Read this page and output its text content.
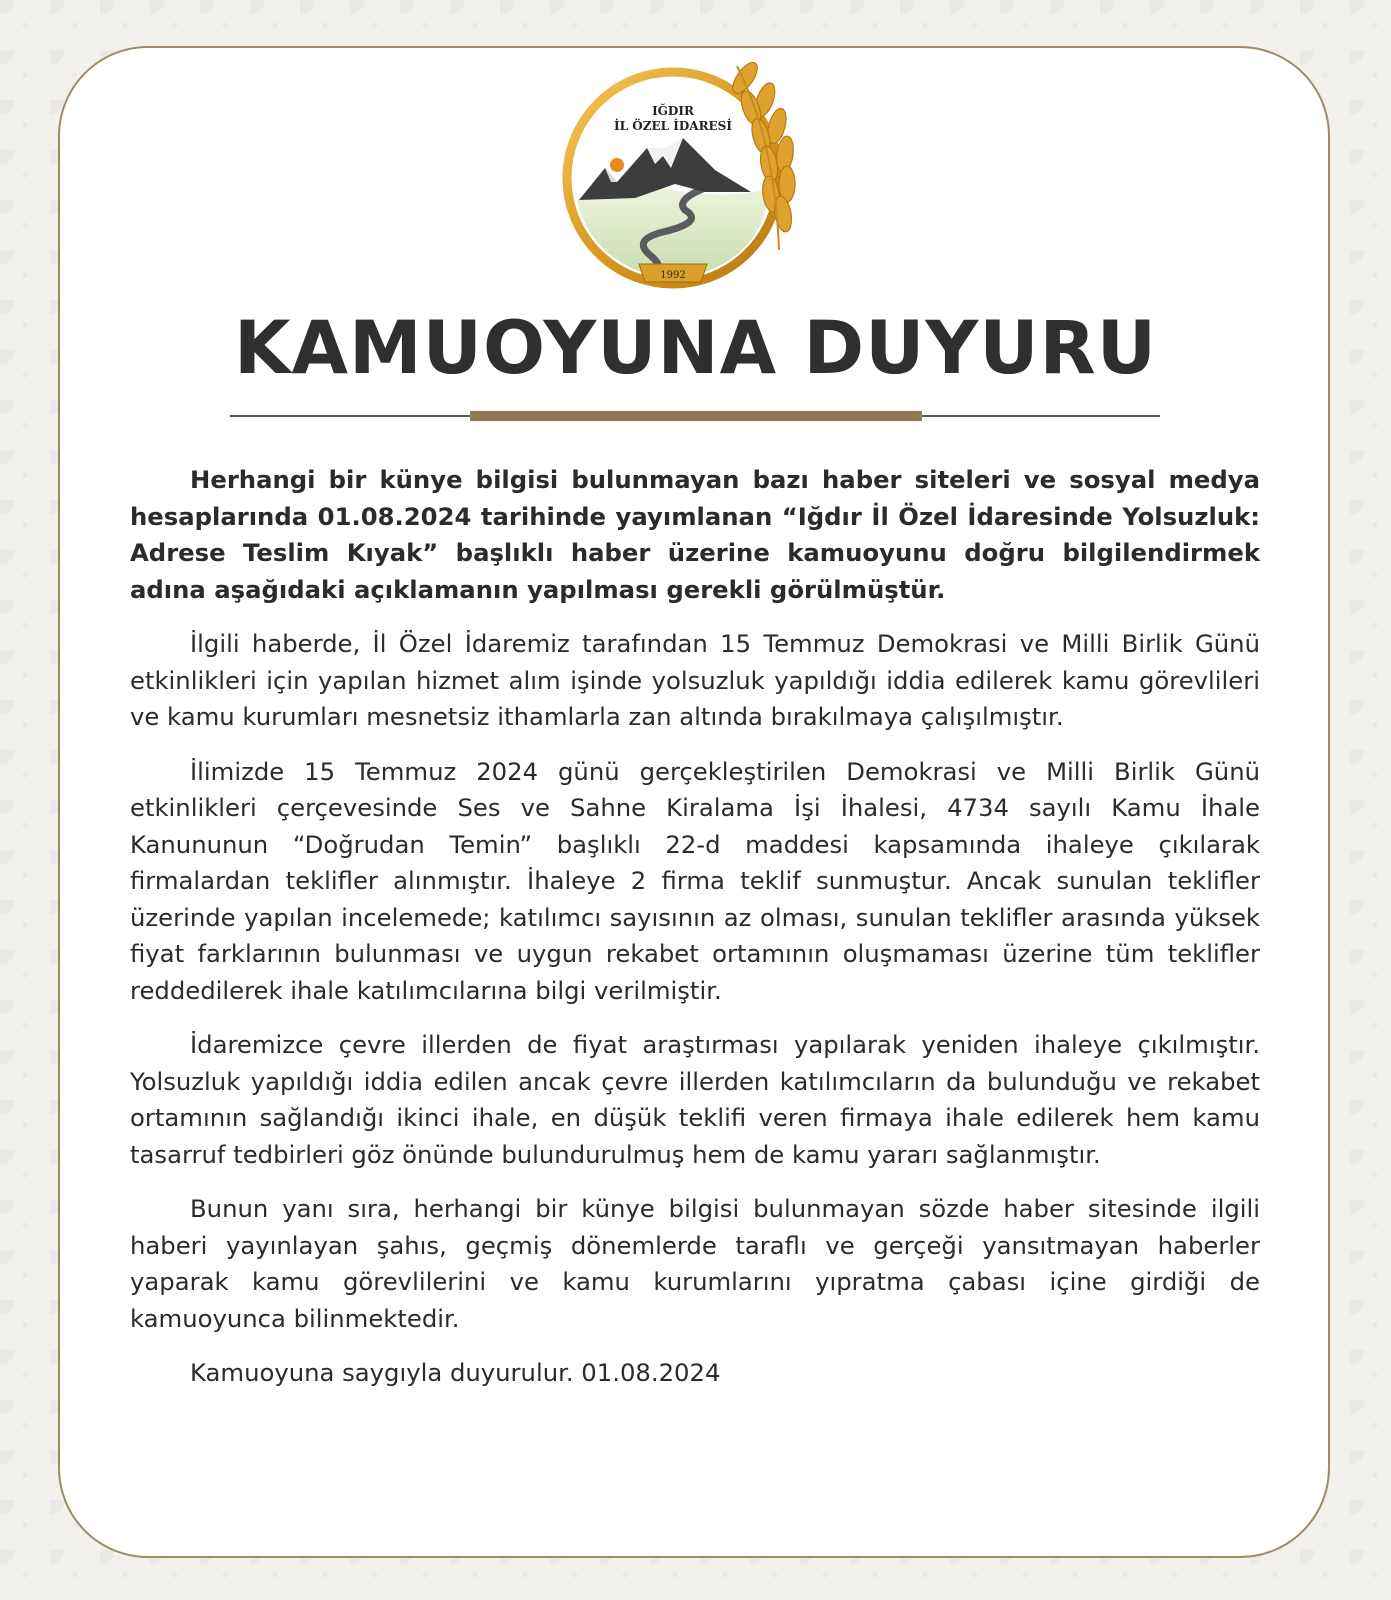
IĞDIR
İL ÖZEL İDARESİ
1992
KAMUOYUNA DUYURU

Herhangi bir künye bilgisi bulunmayan bazı haber siteleri ve sosyal medya hesaplarında 01.08.2024 tarihinde yayımlanan “Iğdır İl Özel İdaresinde Yolsuzluk: Adrese Teslim Kıyak” başlıklı haber üzerine kamuoyunu doğru bilgilendirmek adına aşağıdaki açıklamanın yapılması gerekli görülmüştür.

İlgili haberde, İl Özel İdaremiz tarafından 15 Temmuz Demokrasi ve Milli Birlik Günü etkinlikleri için yapılan hizmet alım işinde yolsuzluk yapıldığı iddia edilerek kamu görevlileri ve kamu kurumları mesnetsiz ithamlarla zan altında bırakılmaya çalışılmıştır.

İlimizde 15 Temmuz 2024 günü gerçekleştirilen Demokrasi ve Milli Birlik Günü etkinlikleri çerçevesinde Ses ve Sahne Kiralama İşi İhalesi, 4734 sayılı Kamu İhale Kanununun “Doğrudan Temin” başlıklı 22-d maddesi kapsamında ihaleye çıkılarak firmalardan teklifler alınmıştır. İhaleye 2 firma teklif sunmuştur. Ancak sunulan teklifler üzerinde yapılan incelemede; katılımcı sayısının az olması, sunulan teklifler arasında yüksek fiyat farklarının bulunması ve uygun rekabet ortamının oluşmaması üzerine tüm teklifler reddedilerek ihale katılımcılarına bilgi verilmiştir.

İdaremizce çevre illerden de fiyat araştırması yapılarak yeniden ihaleye çıkılmıştır. Yolsuzluk yapıldığı iddia edilen ancak çevre illerden katılımcıların da bulunduğu ve rekabet ortamının sağlandığı ikinci ihale, en düşük teklifi veren firmaya ihale edilerek hem kamu tasarruf tedbirleri göz önünde bulundurulmuş hem de kamu yararı sağlanmıştır.

Bunun yanı sıra, herhangi bir künye bilgisi bulunmayan sözde haber sitesinde ilgili haberi yayınlayan şahıs, geçmiş dönemlerde taraflı ve gerçeği yansıtmayan haberler yaparak kamu görevlilerini ve kamu kurumlarını yıpratma çabası içine girdiği de kamuoyunca bilinmektedir.

Kamuoyuna saygıyla duyurulur. 01.08.2024
